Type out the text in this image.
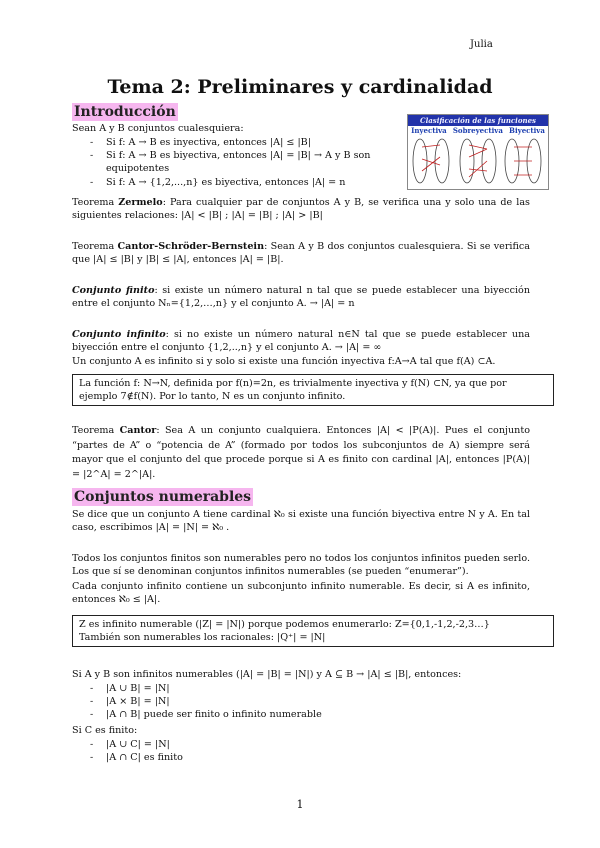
Julia
Tema 2: Preliminares y cardinalidad
Introducción
Sean A y B conjuntos cualesquiera:
- Si f: A → B es inyectiva, entonces |A| ≤ |B|
- Si f: A → B es biyectiva, entonces |A| = |B| → A y B son equipotentes
- Si f: A → {1,2,...,n} es biyectiva, entonces |A| = n
Clasificación de las funciones
Inyectiva Sobreyectiva Biyectiva
Teorema Zermelo: Para cualquier par de conjuntos A y B, se verifica una y solo una de las siguientes relaciones: |A| < |B| ; |A| = |B| ; |A| > |B|
Teorema Cantor-Schröder-Bernstein: Sean A y B dos conjuntos cualesquiera. Si se verifica que |A| ≤ |B| y |B| ≤ |A|, entonces |A| = |B|.
Conjunto finito: si existe un número natural n tal que se puede establecer una biyección entre el conjunto Nₙ={1,2,…,n} y el conjunto A. → |A| = n
Conjunto infinito: si no existe un número natural n∈N tal que se puede establecer una biyección entre el conjunto {1,2,..,n} y el conjunto A. → |A| = ∞
Un conjunto A es infinito si y solo si existe una función inyectiva f:A→A tal que f(A) ⊂A.
La función f: N→N, definida por f(n)=2n, es trivialmente inyectiva y f(N) ⊂N, ya que por ejemplo 7∉f(N). Por lo tanto, N es un conjunto infinito.
Teorema Cantor: Sea A un conjunto cualquiera. Entonces |A| < |P(A)|. Pues el conjunto “partes de A” o “potencia de A” (formado por todos los subconjuntos de A) siempre será mayor que el conjunto del que procede porque si A es finito con cardinal |A|, entonces |P(A)| = |2^A| = 2^|A|.
Conjuntos numerables
Se dice que un conjunto A tiene cardinal ℵ₀ si existe una función biyectiva entre N y A. En tal caso, escribimos |A| = |N| = ℵ₀ .
Todos los conjuntos finitos son numerables pero no todos los conjuntos infinitos pueden serlo. Los que sí se denominan conjuntos infinitos numerables (se pueden “enumerar”).
Cada conjunto infinito contiene un subconjunto infinito numerable. Es decir, si A es infinito, entonces ℵ₀ ≤ |A|.
Z es infinito numerable (|Z| = |N|) porque podemos enumerarlo: Z={0,1,-1,2,-2,3…}
También son numerables los racionales: |Q⁺| = |N|
Si A y B son infinitos numerables (|A| = |B| = |N|) y A ⊆ B → |A| ≤ |B|, entonces:
- |A ∪ B| = |N|
- |A × B| = |N|
- |A ∩ B| puede ser finito o infinito numerable
Si C es finito:
- |A ∪ C| = |N|
- |A ∩ C| es finito
1
